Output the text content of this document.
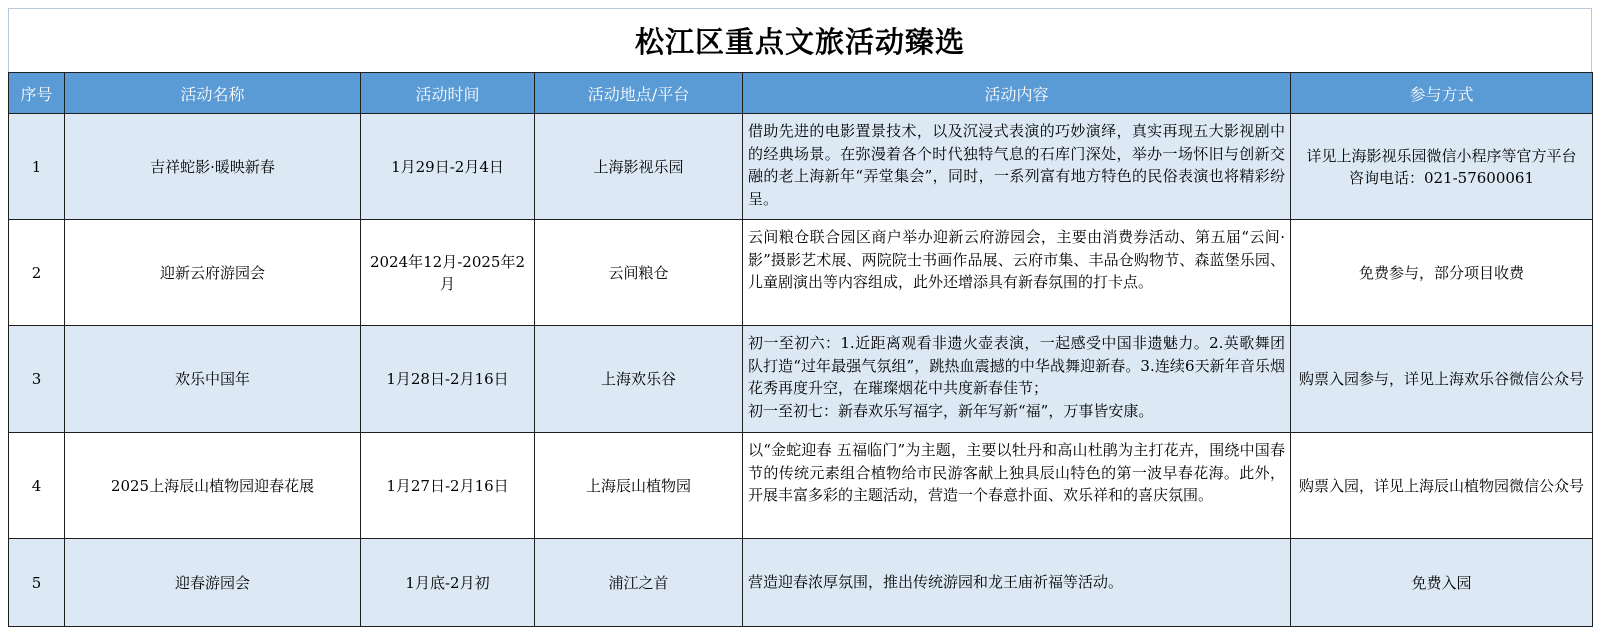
松江区重点文旅活动臻选
序号	活动名称	活动时间	活动地点/平台	活动内容	参与方式
1	吉祥蛇影·暖映新春	1月29日-2月4日	上海影视乐园	借助先进的电影置景技术，以及沉浸式表演的巧妙演绎，真实再现五大影视剧中的经典场景。在弥漫着各个时代独特气息的石库门深处，举办一场怀旧与创新交融的老上海新年“弄堂集会”，同时，一系列富有地方特色的民俗表演也将精彩纷呈。	详见上海影视乐园微信小程序等官方平台
咨询电话：021-57600061

2	迎新云府游园会	2024年12月-2025年2月	云间粮仓	云间粮仓联合园区商户举办迎新云府游园会，主要由消费券活动、第五届“云间·影”摄影艺术展、两院院士书画作品展、云府市集、丰品仓购物节、森蓝堡乐园、儿童剧演出等内容组成，此外还增添具有新春氛围的打卡点。	免费参与，部分项目收费

3	欢乐中国年	1月28日-2月16日	上海欢乐谷	初一至初六：1.近距离观看非遗火壶表演，一起感受中国非遗魅力。2.英歌舞团队打造“过年最强气氛组”，跳热血震撼的中华战舞迎新春。3.连续6天新年音乐烟花秀再度升空，在璀璨烟花中共度新春佳节；
初一至初七：新春欢乐写福字，新年写新“福”，万事皆安康。	购票入园参与，详见上海欢乐谷微信公众号

4	2025上海辰山植物园迎春花展	1月27日-2月16日	上海辰山植物园	以“金蛇迎春 五福临门”为主题，主要以牡丹和高山杜鹃为主打花卉，围绕中国春节的传统元素组合植物给市民游客献上独具辰山特色的第一波早春花海。此外，开展丰富多彩的主题活动，营造一个春意扑面、欢乐祥和的喜庆氛围。	购票入园，详见上海辰山植物园微信公众号

5	迎春游园会	1月底-2月初	浦江之首	营造迎春浓厚氛围，推出传统游园和龙王庙祈福等活动。	免费入园
